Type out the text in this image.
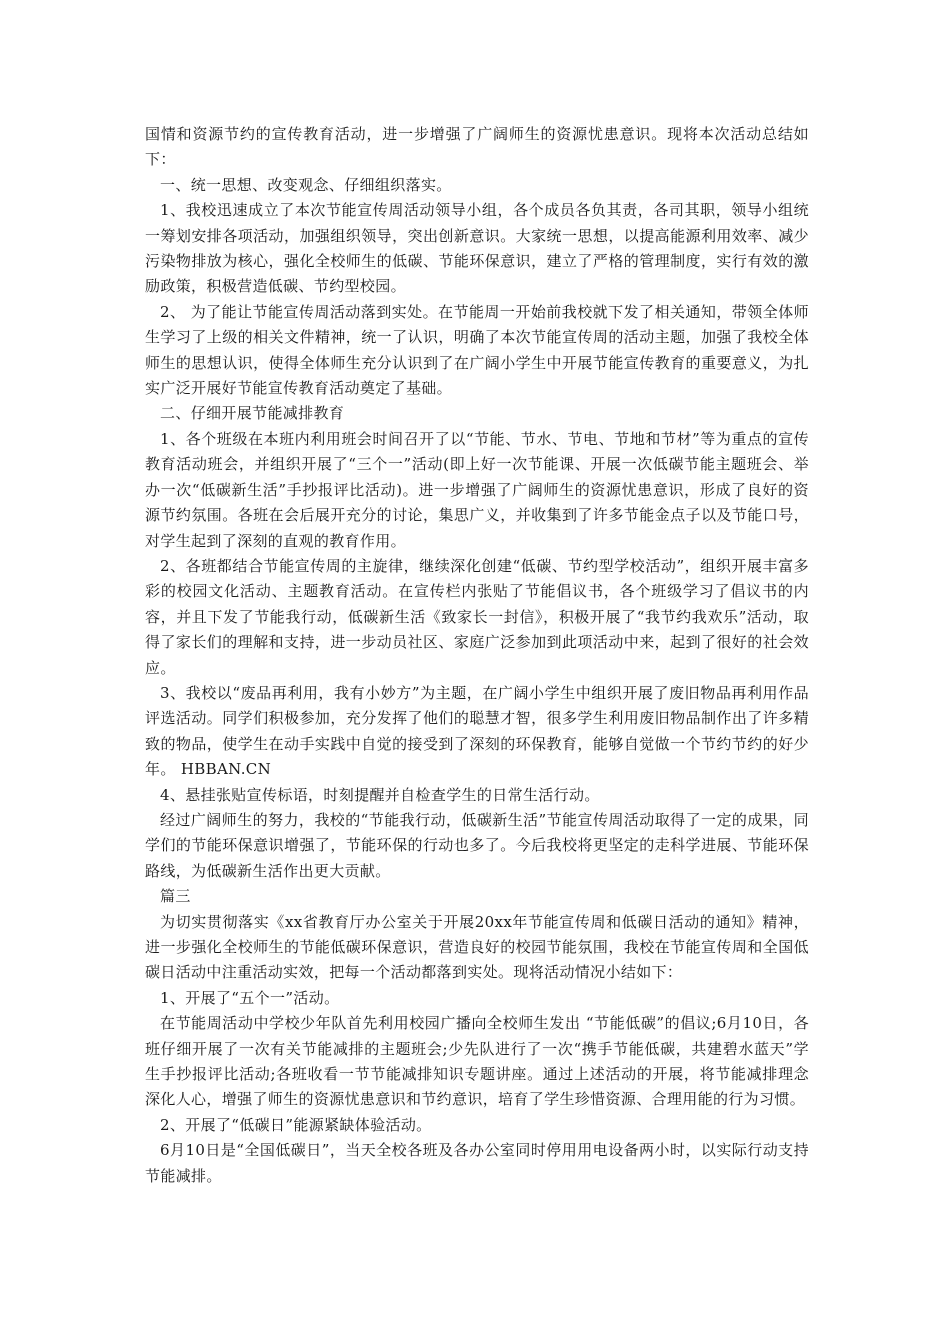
国情和资源节约的宣传教育活动，进一步增强了广阔师生的资源忧患意识。现将本次活动总结如下：

一、统一思想、改变观念、仔细组织落实。

1、我校迅速成立了本次节能宣传周活动领导小组，各个成员各负其责，各司其职，领导小组统一筹划安排各项活动，加强组织领导，突出创新意识。大家统一思想，以提高能源利用效率、减少污染物排放为核心，强化全校师生的低碳、节能环保意识，建立了严格的管理制度，实行有效的激励政策，积极营造低碳、节约型校园。

2、 为了能让节能宣传周活动落到实处。在节能周一开始前我校就下发了相关通知，带领全体师生学习了上级的相关文件精神，统一了认识，明确了本次节能宣传周的活动主题，加强了我校全体师生的思想认识，使得全体师生充分认识到了在广阔小学生中开展节能宣传教育的重要意义，为扎实广泛开展好节能宣传教育活动奠定了基础。

二、仔细开展节能减排教育

1、各个班级在本班内利用班会时间召开了以“节能、节水、节电、节地和节材”等为重点的宣传教育活动班会，并组织开展了“三个一”活动(即上好一次节能课、开展一次低碳节能主题班会、举办一次“低碳新生活”手抄报评比活动)。进一步增强了广阔师生的资源忧患意识，形成了良好的资源节约氛围。各班在会后展开充分的讨论，集思广义，并收集到了许多节能金点子以及节能口号，对学生起到了深刻的直观的教育作用。

2、各班都结合节能宣传周的主旋律，继续深化创建“低碳、节约型学校活动”，组织开展丰富多彩的校园文化活动、主题教育活动。在宣传栏内张贴了节能倡议书，各个班级学习了倡议书的内容，并且下发了节能我行动，低碳新生活《致家长一封信》，积极开展了“我节约我欢乐”活动，取得了家长们的理解和支持，进一步动员社区、家庭广泛参加到此项活动中来，起到了很好的社会效应。

3、我校以“废品再利用，我有小妙方”为主题，在广阔小学生中组织开展了废旧物品再利用作品评选活动。同学们积极参加，充分发挥了他们的聪慧才智，很多学生利用废旧物品制作出了许多精致的物品，使学生在动手实践中自觉的接受到了深刻的环保教育，能够自觉做一个节约节约的好少年。 HBBAN.CN

4、悬挂张贴宣传标语，时刻提醒并自检查学生的日常生活行动。

经过广阔师生的努力，我校的“节能我行动，低碳新生活”节能宣传周活动取得了一定的成果，同学们的节能环保意识增强了，节能环保的行动也多了。今后我校将更坚定的走科学进展、节能环保路线，为低碳新生活作出更大贡献。

篇三

为切实贯彻落实《xx省教育厅办公室关于开展20xx年节能宣传周和低碳日活动的通知》精神，进一步强化全校师生的节能低碳环保意识，营造良好的校园节能氛围，我校在节能宣传周和全国低碳日活动中注重活动实效，把每一个活动都落到实处。现将活动情况小结如下：

1、开展了“五个一”活动。

在节能周活动中学校少年队首先利用校园广播向全校师生发出 “节能低碳”的倡议;6月10日，各班仔细开展了一次有关节能减排的主题班会;少先队进行了一次“携手节能低碳，共建碧水蓝天”学生手抄报评比活动;各班收看一节节能减排知识专题讲座。通过上述活动的开展，将节能减排理念深化人心，增强了师生的资源忧患意识和节约意识，培育了学生珍惜资源、合理用能的行为习惯。

2、开展了“低碳日”能源紧缺体验活动。

6月10日是“全国低碳日”，当天全校各班及各办公室同时停用用电设备两小时，以实际行动支持节能减排。
